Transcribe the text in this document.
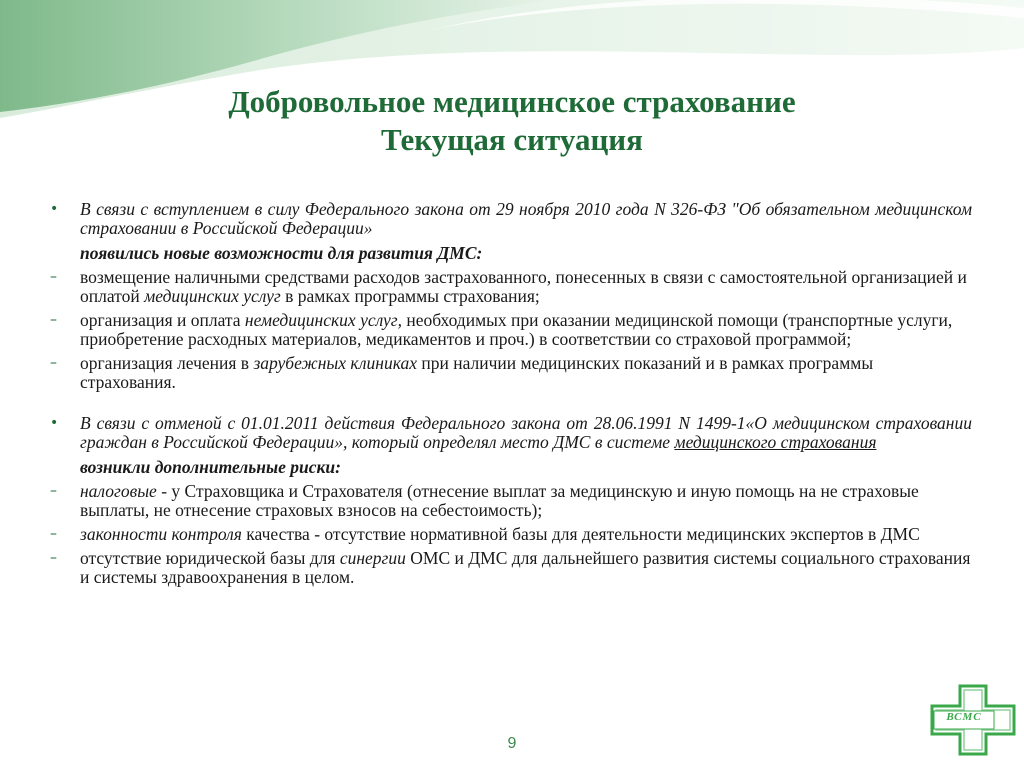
Добровольное медицинское страхование
Текущая ситуация
• В связи с вступлением в силу Федерального закона от 29 ноября 2010 года N 326-ФЗ "Об обязательном медицинском страховании в Российской Федерации»
появились новые возможности для развития ДМС:
– возмещение наличными средствами расходов застрахованного, понесенных в связи с самостоятельной организацией и оплатой медицинских услуг в рамках программы страхования;
– организация и оплата немедицинских услуг, необходимых при оказании медицинской помощи (транспортные услуги, приобретение расходных материалов, медикаментов и проч.) в соответствии со страховой программой;
– организация лечения в зарубежных клиниках при наличии медицинских показаний и в рамках программы страхования.
• В связи с отменой с 01.01.2011 действия Федерального закона от 28.06.1991 N 1499-1«О медицинском страховании граждан в Российской Федерации», который определял место ДМС в системе медицинского страхования
возникли дополнительные риски:
– налоговые - у Страховщика и Страхователя (отнесение выплат за медицинскую и иную помощь на не страховые выплаты, не отнесение страховых взносов на себестоимость);
– законности контроля качества - отсутствие нормативной базы для деятельности медицинских экспертов в ДМС
– отсутствие юридической базы для синергии ОМС и ДМС для дальнейшего развития системы социального страхования и системы здравоохранения в целом.
9
ВСМС
